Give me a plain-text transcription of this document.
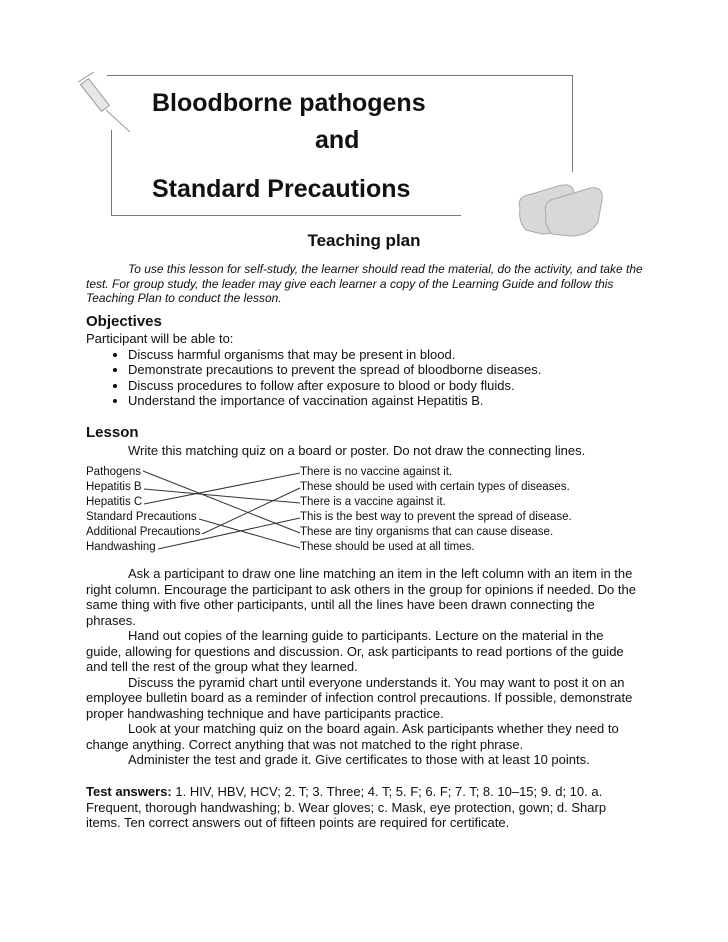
Bloodborne pathogens
and
Standard Precautions
Teaching plan

To use this lesson for self-study, the learner should read the material, do the activity, and take the test. For group study, the leader may give each learner a copy of the Learning Guide and follow this Teaching Plan to conduct the lesson.

Objectives
Participant will be able to:
• Discuss harmful organisms that may be present in blood.
• Demonstrate precautions to prevent the spread of bloodborne diseases.
• Discuss procedures to follow after exposure to blood or body fluids.
• Understand the importance of vaccination against Hepatitis B.
Lesson
Write this matching quiz on a board or poster. Do not draw the connecting lines.
Pathogens
Hepatitis B
Hepatitis C
Standard Precautions
Additional Precautions
Handwashing
There is no vaccine against it.
These should be used with certain types of diseases.
There is a vaccine against it.
This is the best way to prevent the spread of disease.
These are tiny organisms that can cause disease.
These should be used at all times.

Ask a participant to draw one line matching an item in the left column with an item in the right column. Encourage the participant to ask others in the group for opinions if needed. Do the same thing with five other participants, until all the lines have been drawn connecting the phrases.

Hand out copies of the learning guide to participants. Lecture on the material in the guide, allowing for questions and discussion. Or, ask participants to read portions of the guide and tell the rest of the group what they learned.

Discuss the pyramid chart until everyone understands it. You may want to post it on an employee bulletin board as a reminder of infection control precautions. If possible, demonstrate proper handwashing technique and have participants practice.

Look at your matching quiz on the board again. Ask participants whether they need to change anything. Correct anything that was not matched to the right phrase.

Administer the test and grade it. Give certificates to those with at least 10 points.

Test answers: 1. HIV, HBV, HCV; 2. T; 3. Three; 4. T; 5. F; 6. F; 7. T; 8. 10–15; 9. d; 10. a. Frequent, thorough handwashing; b. Wear gloves; c. Mask, eye protection, gown; d. Sharp items. Ten correct answers out of fifteen points are required for certificate.
